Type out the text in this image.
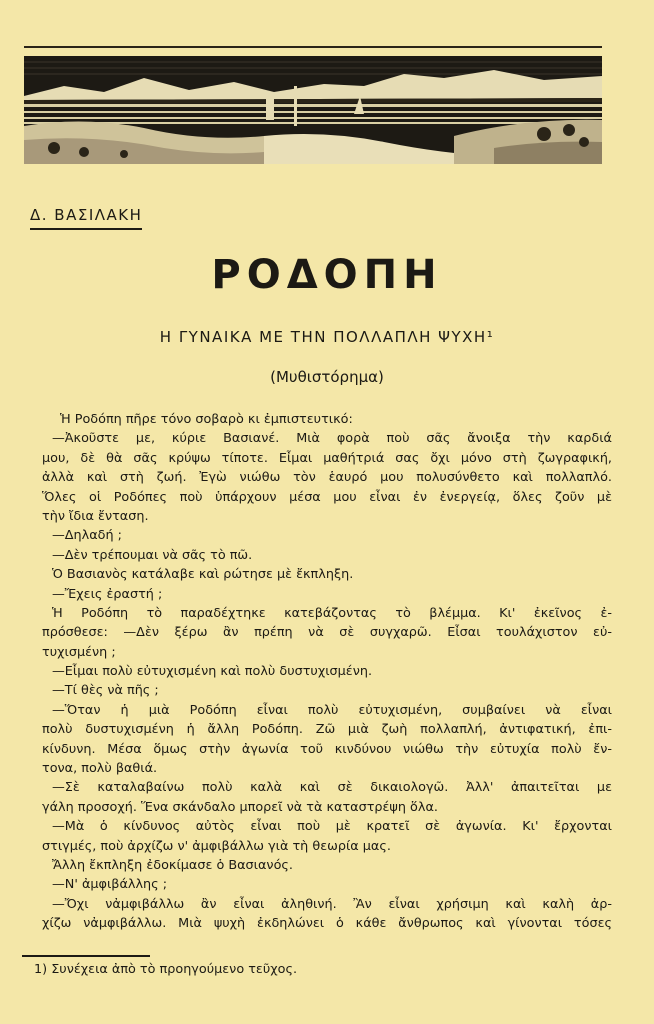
Δ. ΒΑΣΙΛΑΚΗ
ΡΟΔΟΠΗ
Η ΓΥΝΑΙΚΑ ΜΕ ΤΗΝ ΠΟΛΛΑΠΛΗ ΨΥΧΗ¹
(Μυθιστόρημα)
Ἡ Ροδόπη πῆρε τόνο σοβαρὸ κι ἐμπιστευτικό:
—Ἀκοῦστε με, κύριε Βασιανέ. Μιὰ φορὰ ποὺ σᾶς ἄνοιξα τὴν καρδιά
μου, δὲ θὰ σᾶς κρύψω τίποτε. Εἶμαι μαθήτριά σας ὄχι μόνο στὴ ζωγραφική,
ἀλλὰ καὶ στὴ ζωή. Ἐγὼ νιώθω τὸν ἑαυρό μου πολυσύνθετο καὶ πολλαπλό.
Ὅλες οἱ Ροδόπες ποὺ ὑπάρχουν μέσα μου εἶναι ἐν ἐνεργείᾳ, ὅλες ζοῦν μὲ
τὴν ἴδια ἔνταση.
—Δηλαδή ;
—Δὲν τρέπουμαι νὰ σᾶς τὸ πῶ.
Ὁ Βασιανὸς κατάλαβε καὶ ρώτησε μὲ ἔκπληξη.
—Ἔχεις ἐραστή ;
Ἡ Ροδόπη τὸ παραδέχτηκε κατεβάζοντας τὸ βλέμμα. Κι' ἐκεῖνος ἐ-
πρόσθεσε: —Δὲν ξέρω ἂν πρέπη νὰ σὲ συγχαρῶ. Εἶσαι τουλάχιστον εὐ-
τυχισμένη ;
—Εἶμαι πολὺ εὐτυχισμένη καὶ πολὺ δυστυχισμένη.
—Τί θὲς νὰ πῆς ;
—Ὅταν ἡ μιὰ Ροδόπη εἶναι πολὺ εὐτυχισμένη, συμβαίνει νὰ εἶναι
πολὺ δυστυχισμένη ἡ ἄλλη Ροδόπη. Ζῶ μιὰ ζωὴ πολλαπλή, ἀντιφατική, ἐπι-
κίνδυνη. Μέσα ὅμως στὴν ἀγωνία τοῦ κινδύνου νιώθω τὴν εὐτυχία πολὺ ἔν-
τονα, πολὺ βαθιά.
—Σὲ καταλαβαίνω πολὺ καλὰ καὶ σὲ δικαιολογῶ. Ἀλλ' ἀπαιτεῖται με
γάλη προσοχή. Ἕνα σκάνδαλο μπορεῖ νὰ τὰ καταστρέψη ὅλα.
—Μὰ ὁ κίνδυνος αὐτὸς εἶναι ποὺ μὲ κρατεῖ σὲ ἀγωνία. Κι' ἔρχονται
στιγμές, ποὺ ἀρχίζω ν' ἀμφιβάλλω γιὰ τὴ θεωρία μας.
Ἄλλη ἔκπληξη ἐδοκίμασε ὁ Βασιανός.
—Ν' ἀμφιβάλλης ;
—Ὄχι νἀμφιβάλλω ἂν εἶναι ἀληθινή. Ἂν εἶναι χρήσιμη καὶ καλὴ ἀρ-
χίζω νἀμφιβάλλω. Μιὰ ψυχὴ ἐκδηλώνει ὁ κάθε ἄνθρωπος καὶ γίνονται τόσες
1) Συνέχεια ἀπὸ τὸ προηγούμενο τεῦχος.
